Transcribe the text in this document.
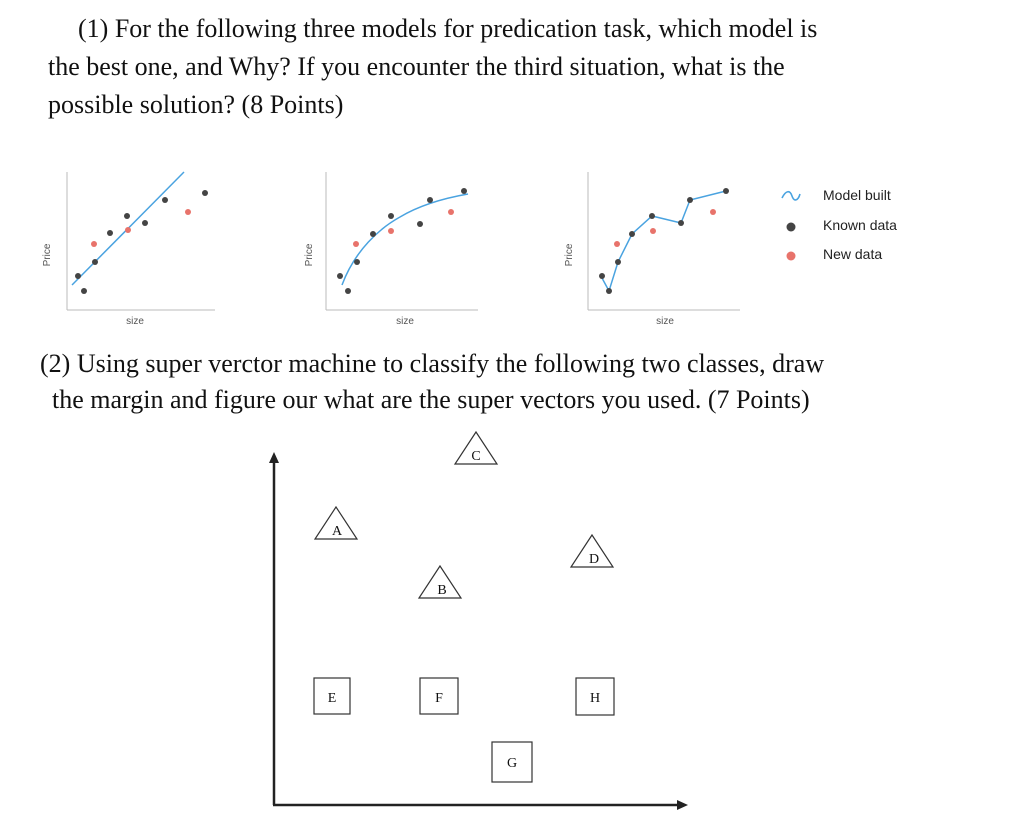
(1) For the following three models for predication task, which model is
the best one, and Why? If you encounter the third situation, what is the
possible solution? (8 Points)
Price
size
Price
size
Price
size
Model built
Known data
New data
(2) Using super verctor machine to classify the following two classes, draw
the margin and figure our what are the super vectors you used. (7 Points)
C
A
D
B
E	F	H
G
